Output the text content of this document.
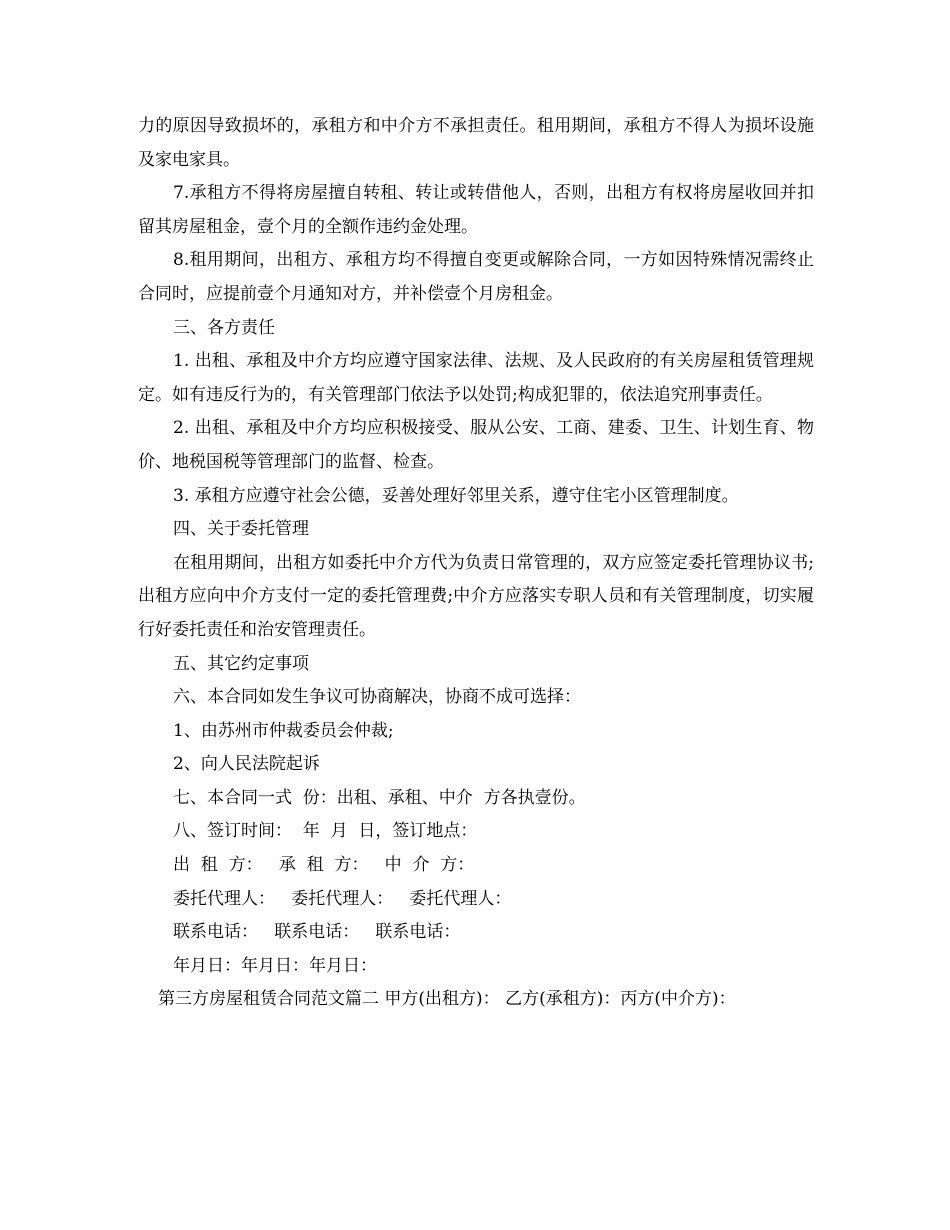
力的原因导致损坏的，承租方和中介方不承担责任。租用期间，承租方不得人为损坏设施及家电家具。

7.承租方不得将房屋擅自转租、转让或转借他人，否则，出租方有权将房屋收回并扣留其房屋租金，壹个月的全额作违约金处理。

8.租用期间，出租方、承租方均不得擅自变更或解除合同，一方如因特殊情况需终止合同时，应提前壹个月通知对方，并补偿壹个月房租金。

三、各方责任

1. 出租、承租及中介方均应遵守国家法律、法规、及人民政府的有关房屋租赁管理规定。如有违反行为的，有关管理部门依法予以处罚;构成犯罪的，依法追究刑事责任。

2. 出租、承租及中介方均应积极接受、服从公安、工商、建委、卫生、计划生育、物价、地税国税等管理部门的监督、检查。

3. 承租方应遵守社会公德，妥善处理好邻里关系，遵守住宅小区管理制度。

四、关于委托管理

在租用期间，出租方如委托中介方代为负责日常管理的，双方应签定委托管理协议书;出租方应向中介方支付一定的委托管理费;中介方应落实专职人员和有关管理制度，切实履行好委托责任和治安管理责任。

五、其它约定事项

六、本合同如发生争议可协商解决，协商不成可选择：

1、由苏州市仲裁委员会仲裁;

2、向人民法院起诉

七、本合同一式  份：出租、承租、中介  方各执壹份。

八、签订时间：  年  月  日，签订地点：

出  租  方：   承  租  方：   中  介  方：

委托代理人：   委托代理人：   委托代理人：

联系电话：   联系电话：   联系电话：

年月日：年月日：年月日：

第三方房屋租赁合同范文篇二 甲方(出租方)： 乙方(承租方)：丙方(中介方)：
